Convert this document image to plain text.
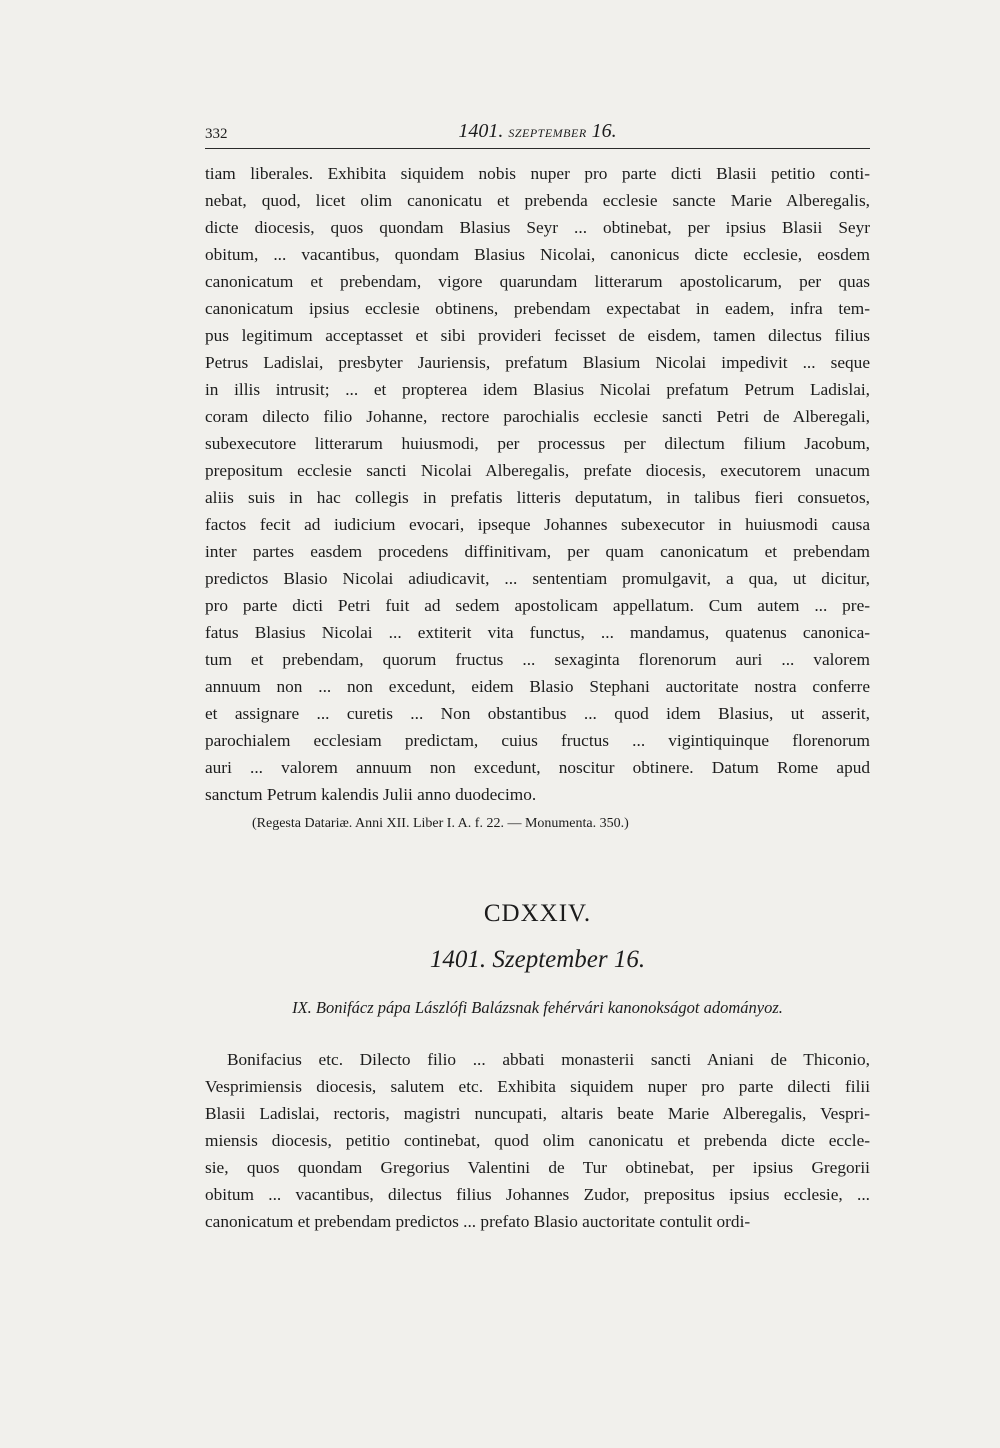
332	1401. SZEPTEMBER 16.
tiam liberales. Exhibita siquidem nobis nuper pro parte dicti Blasii petitio conti-
nebat, quod, licet olim canonicatu et prebenda ecclesie sancte Marie Alberegalis,
dicte diocesis, quos quondam Blasius Seyr ... obtinebat, per ipsius Blasii Seyr
obitum, ... vacantibus, quondam Blasius Nicolai, canonicus dicte ecclesie, eosdem
canonicatum et prebendam, vigore quarundam litterarum apostolicarum, per quas
canonicatum ipsius ecclesie obtinens, prebendam expectabat in eadem, infra tem-
pus legitimum acceptasset et sibi provideri fecisset de eisdem, tamen dilectus filius
Petrus Ladislai, presbyter Jauriensis, prefatum Blasium Nicolai impedivit ... seque
in illis intrusit; ... et propterea idem Blasius Nicolai prefatum Petrum Ladislai,
coram dilecto filio Johanne, rectore parochialis ecclesie sancti Petri de Alberegali,
subexecutore litterarum huiusmodi, per processus per dilectum filium Jacobum,
prepositum ecclesie sancti Nicolai Alberegalis, prefate diocesis, executorem unacum
aliis suis in hac collegis in prefatis litteris deputatum, in talibus fieri consuetos,
factos fecit ad iudicium evocari, ipseque Johannes subexecutor in huiusmodi causa
inter partes easdem procedens diffinitivam, per quam canonicatum et prebendam
predictos Blasio Nicolai adiudicavit, ... sententiam promulgavit, a qua, ut dicitur,
pro parte dicti Petri fuit ad sedem apostolicam appellatum. Cum autem ... pre-
fatus Blasius Nicolai ... extiterit vita functus, ... mandamus, quatenus canonica-
tum et prebendam, quorum fructus ... sexaginta florenorum auri ... valorem
annuum non ... non excedunt, eidem Blasio Stephani auctoritate nostra conferre
et assignare ... curetis ... Non obstantibus ... quod idem Blasius, ut asserit,
parochialem ecclesiam predictam, cuius fructus ... vigintiquinque florenorum
auri ... valorem annuum non excedunt, noscitur obtinere. Datum Rome apud
sanctum Petrum kalendis Julii anno duodecimo.
(Regesta Datariæ. Anni XII. Liber I. A. f. 22. — Monumenta. 350.)
CDXXIV.
1401. Szeptember 16.
IX. Bonifácz pápa Lászlófi Balázsnak fehérvári kanonokságot adományoz.
Bonifacius etc. Dilecto filio ... abbati monasterii sancti Aniani de Thiconio,
Vesprimiensis diocesis, salutem etc. Exhibita siquidem nuper pro parte dilecti filii
Blasii Ladislai, rectoris, magistri nuncupati, altaris beate Marie Alberegalis, Vespri-
miensis diocesis, petitio continebat, quod olim canonicatu et prebenda dicte eccle-
sie, quos quondam Gregorius Valentini de Tur obtinebat, per ipsius Gregorii
obitum ... vacantibus, dilectus filius Johannes Zudor, prepositus ipsius ecclesie, ...
canonicatum et prebendam predictos ... prefato Blasio auctoritate contulit ordi-
